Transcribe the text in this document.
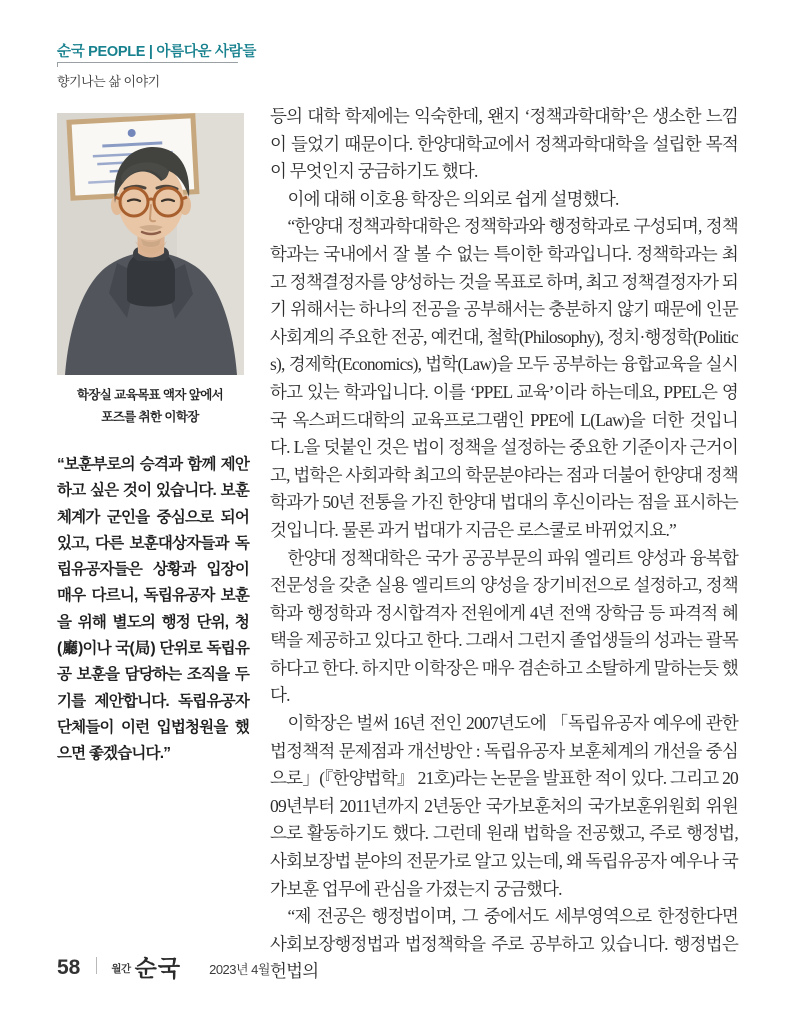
순국 PEOPLE | 아름다운 사람들
향기나는 삶 이야기
학장실 교육목표 액자 앞에서
포즈를 취한 이학장
“보훈부로의 승격과 함께 제안하고 싶은 것이 있습니다. 보훈체계가 군인을 중심으로 되어 있고, 다른 보훈대상자들과 독립유공자들은 상황과 입장이 매우 다르니, 독립유공자 보훈을 위해 별도의 행정 단위, 청(廳)이나 국(局) 단위로 독립유공 보훈을 담당하는 조직을 두기를 제안합니다. 독립유공자 단체들이 이런 입법청원을 했으면 좋겠습니다.”

등의 대학 학제에는 익숙한데, 왠지 ‘정책과학대학’은 생소한 느낌이 들었기 때문이다. 한양대학교에서 정책과학대학을 설립한 목적이 무엇인지 궁금하기도 했다.

이에 대해 이호용 학장은 의외로 쉽게 설명했다.

“한양대 정책과학대학은 정책학과와 행정학과로 구성되며, 정책학과는 국내에서 잘 볼 수 없는 특이한 학과입니다. 정책학과는 최고 정책결정자를 양성하는 것을 목표로 하며, 최고 정책결정자가 되기 위해서는 하나의 전공을 공부해서는 충분하지 않기 때문에 인문사회계의 주요한 전공, 예컨대, 철학(Philosophy), 정치·행정학(Politics), 경제학(Economics), 법학(Law)을 모두 공부하는 융합교육을 실시하고 있는 학과입니다. 이를 ‘PPEL 교육’이라 하는데요, PPEL은 영국 옥스퍼드대학의 교육프로그램인 PPE에 L(Law)을 더한 것입니다. L을 덧붙인 것은 법이 정책을 설정하는 중요한 기준이자 근거이고, 법학은 사회과학 최고의 학문분야라는 점과 더불어 한양대 정책학과가 50년 전통을 가진 한양대 법대의 후신이라는 점을 표시하는 것입니다. 물론 과거 법대가 지금은 로스쿨로 바뀌었지요.”

한양대 정책대학은 국가 공공부문의 파워 엘리트 양성과 융복합 전문성을 갖춘 실용 엘리트의 양성을 장기비전으로 설정하고, 정책학과 행정학과 정시합격자 전원에게 4년 전액 장학금 등 파격적 혜택을 제공하고 있다고 한다. 그래서 그런지 졸업생들의 성과는 괄목하다고 한다. 하지만 이학장은 매우 겸손하고 소탈하게 말하는듯 했다.

이학장은 벌써 16년 전인 2007년도에 「독립유공자 예우에 관한 법정책적 문제점과 개선방안 : 독립유공자 보훈체계의 개선을 중심으로」(『한양법학』 21호)라는 논문을 발표한 적이 있다. 그리고 2009년부터 2011년까지 2년동안 국가보훈처의 국가보훈위원회 위원으로 활동하기도 했다. 그런데 원래 법학을 전공했고, 주로 행정법, 사회보장법 분야의 전문가로 알고 있는데, 왜 독립유공자 예우나 국가보훈 업무에 관심을 가졌는지 궁금했다.

“제 전공은 행정법이며, 그 중에서도 세부영역으로 한정한다면 사회보장행정법과 법정책학을 주로 공부하고 있습니다. 행정법은 헌법의

58	월간 순국 2023년 4월
